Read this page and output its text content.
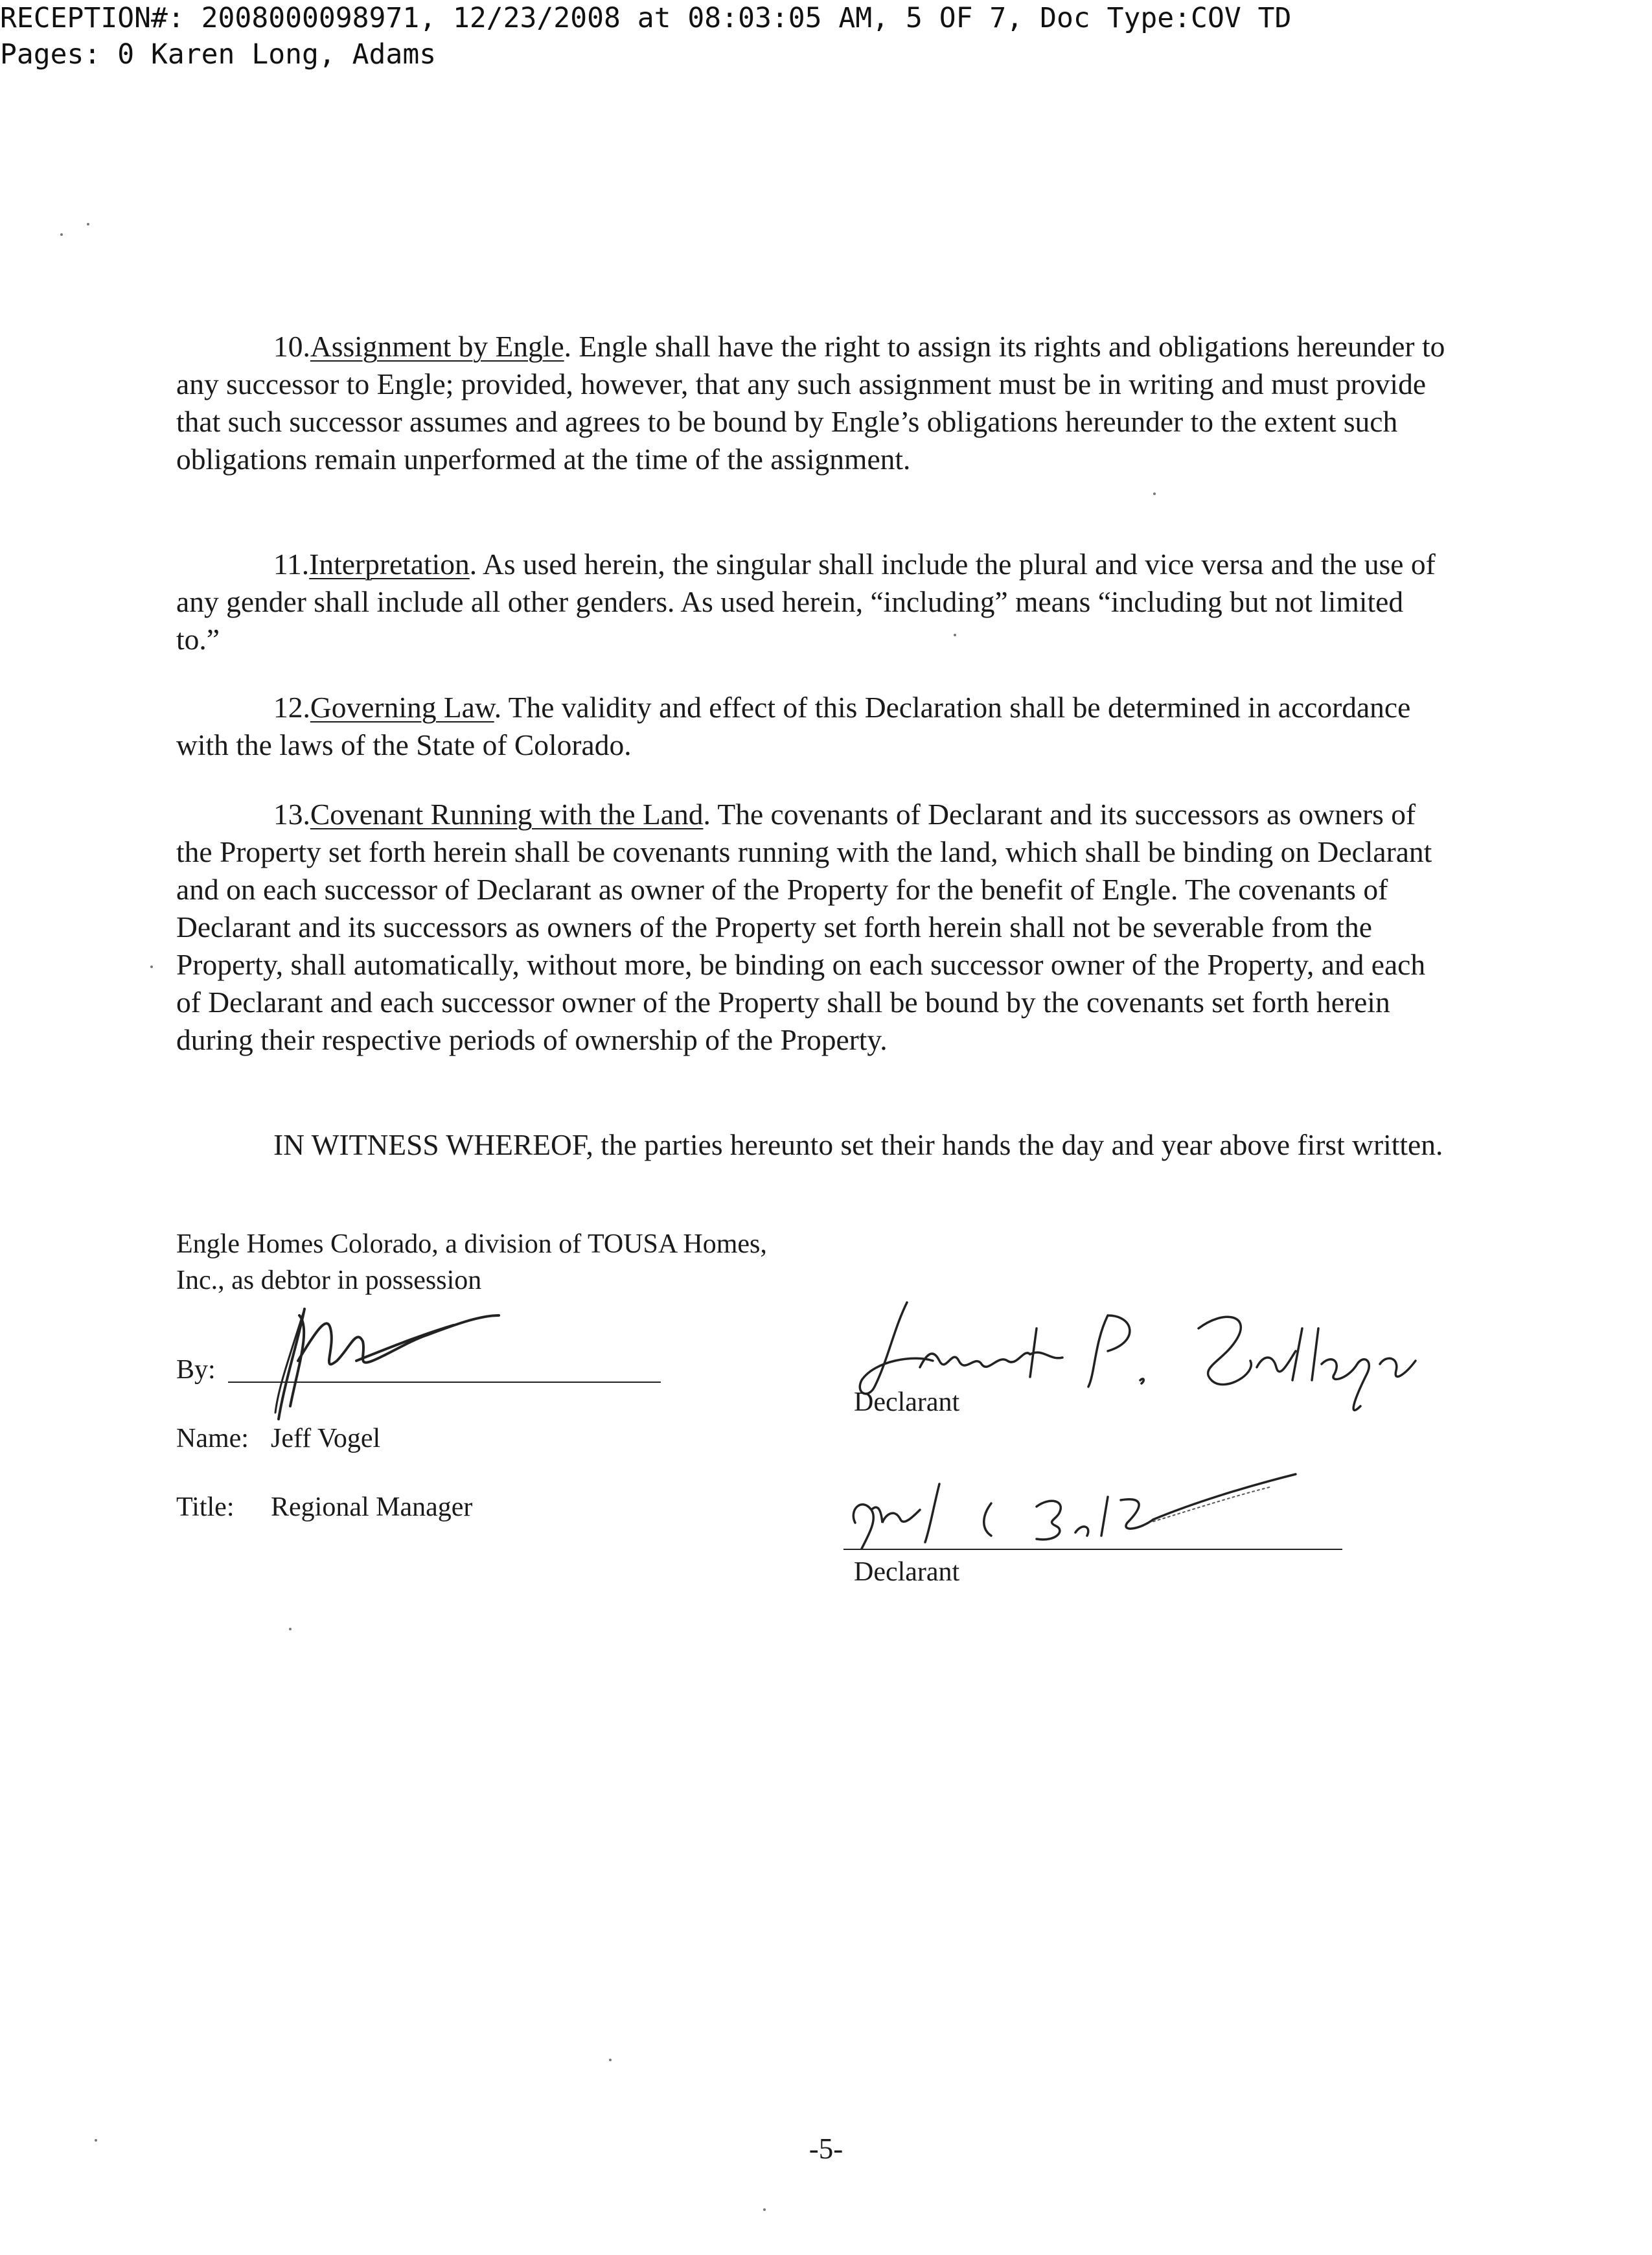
RECEPTION#: 2008000098971, 12/23/2008 at 08:03:05 AM, 5 OF 7, Doc Type:COV TD
Pages: 0 Karen Long, Adams

10.Assignment by Engle. Engle shall have the right to assign its rights and obligations hereunder to any successor to Engle; provided, however, that any such assignment must be in writing and must provide that such successor assumes and agrees to be bound by Engle’s obligations hereunder to the extent such obligations remain unperformed at the time of the assignment.

11.Interpretation. As used herein, the singular shall include the plural and vice versa and the use of any gender shall include all other genders. As used herein, “including” means “including but not limited to.”

12.Governing Law. The validity and effect of this Declaration shall be determined in accordance with the laws of the State of Colorado.

13.Covenant Running with the Land. The covenants of Declarant and its successors as owners of the Property set forth herein shall be covenants running with the land, which shall be binding on Declarant and on each successor of Declarant as owner of the Property for the benefit of Engle. The covenants of Declarant and its successors as owners of the Property set forth herein shall not be severable from the Property, shall automatically, without more, be binding on each successor owner of the Property, and each of Declarant and each successor owner of the Property shall be bound by the covenants set forth herein during their respective periods of ownership of the Property.

IN WITNESS WHEREOF, the parties hereunto set their hands the day and year above first written.

Engle Homes Colorado, a division of TOUSA Homes, Inc., as debtor in possession
By:
Name: Jeff Vogel
Title: Regional Manager
Declarant
Declarant
-5-
